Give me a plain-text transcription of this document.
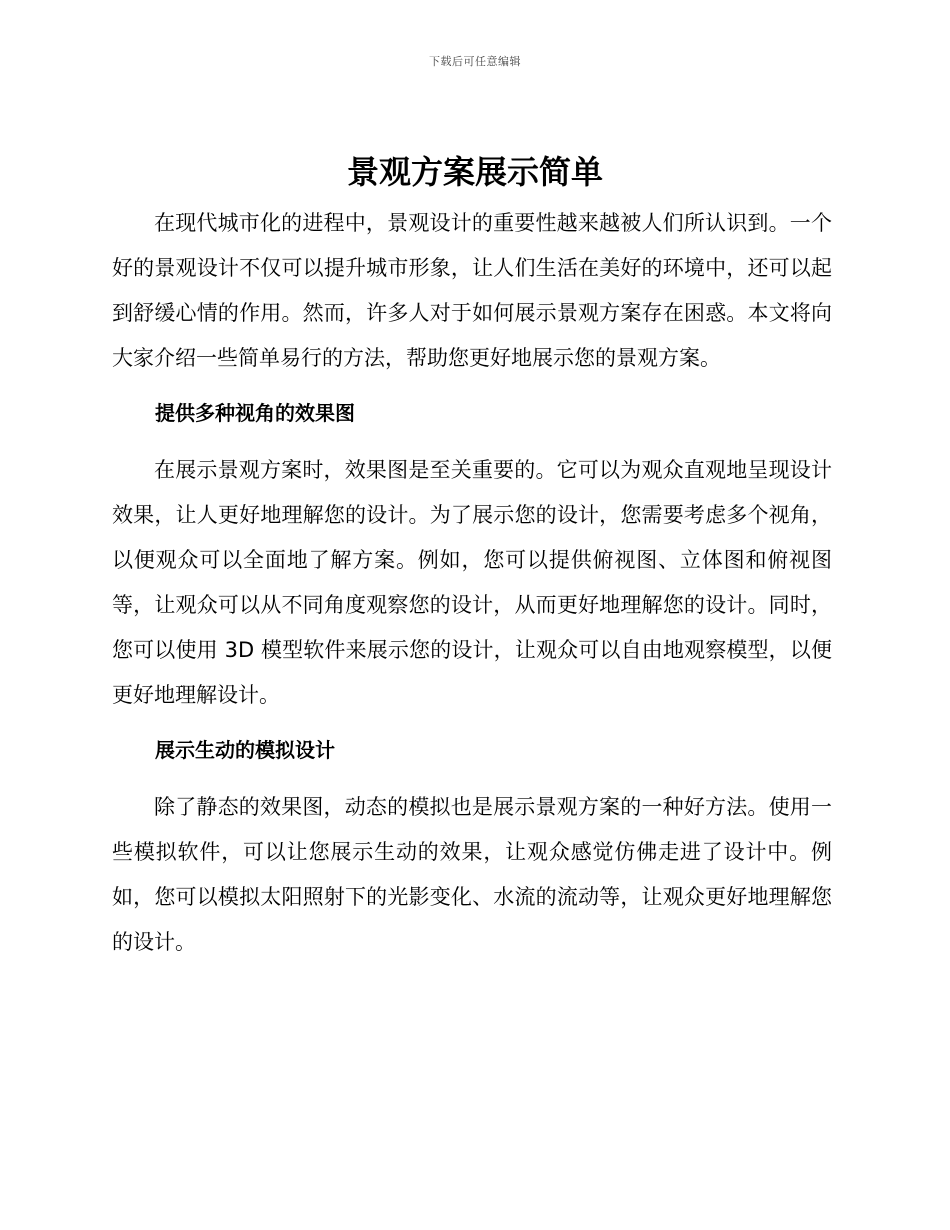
下载后可任意编辑
景观方案展示简单

在现代城市化的进程中，景观设计的重要性越来越被人们所认识到。一个好的景观设计不仅可以提升城市形象，让人们生活在美好的环境中，还可以起到舒缓心情的作用。然而，许多人对于如何展示景观方案存在困惑。本文将向大家介绍一些简单易行的方法，帮助您更好地展示您的景观方案。

提供多种视角的效果图

在展示景观方案时，效果图是至关重要的。它可以为观众直观地呈现设计效果，让人更好地理解您的设计。为了展示您的设计，您需要考虑多个视角，以便观众可以全面地了解方案。例如，您可以提供俯视图、立体图和俯视图等，让观众可以从不同角度观察您的设计，从而更好地理解您的设计。同时，您可以使用 3D 模型软件来展示您的设计，让观众可以自由地观察模型，以便更好地理解设计。

展示生动的模拟设计

除了静态的效果图，动态的模拟也是展示景观方案的一种好方法。使用一些模拟软件，可以让您展示生动的效果，让观众感觉仿佛走进了设计中。例如，您可以模拟太阳照射下的光影变化、水流的流动等，让观众更好地理解您的设计。
